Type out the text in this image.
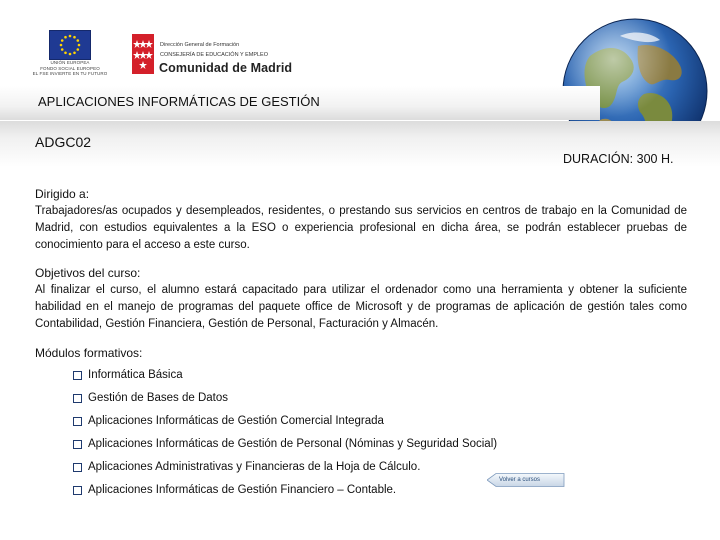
UNIÓN EUROPEA
FONDO SOCIAL EUROPEO
EL FSE INVIERTE EN TU FUTURO
Dirección General de Formación
CONSEJERÍA DE EDUCACIÓN Y EMPLEO
Comunidad de Madrid
APLICACIONES INFORMÁTICAS DE GESTIÓN
ADGC02
DURACIÓN: 300 H.
Dirigido a:
Trabajadores/as ocupados y desempleados, residentes, o prestando sus servicios en centros de trabajo en la Comunidad de Madrid, con estudios equivalentes a la ESO o experiencia profesional en dicha área, se podrán establecer pruebas de conocimiento para el acceso a este curso.
Objetivos del curso:
Al finalizar el curso, el alumno estará capacitado para utilizar el ordenador como una herramienta y obtener la suficiente habilidad en el manejo de programas del paquete office de Microsoft y de programas de aplicación de gestión tales como Contabilidad, Gestión Financiera, Gestión de Personal, Facturación y Almacén.
Módulos formativos:
Informática Básica
Gestión de Bases de Datos
Aplicaciones Informáticas de Gestión Comercial Integrada
Aplicaciones Informáticas de Gestión de Personal (Nóminas y Seguridad Social)
Aplicaciones Administrativas y Financieras de la Hoja de Cálculo.
Aplicaciones Informáticas de Gestión Financiero – Contable.
Volver a cursos
